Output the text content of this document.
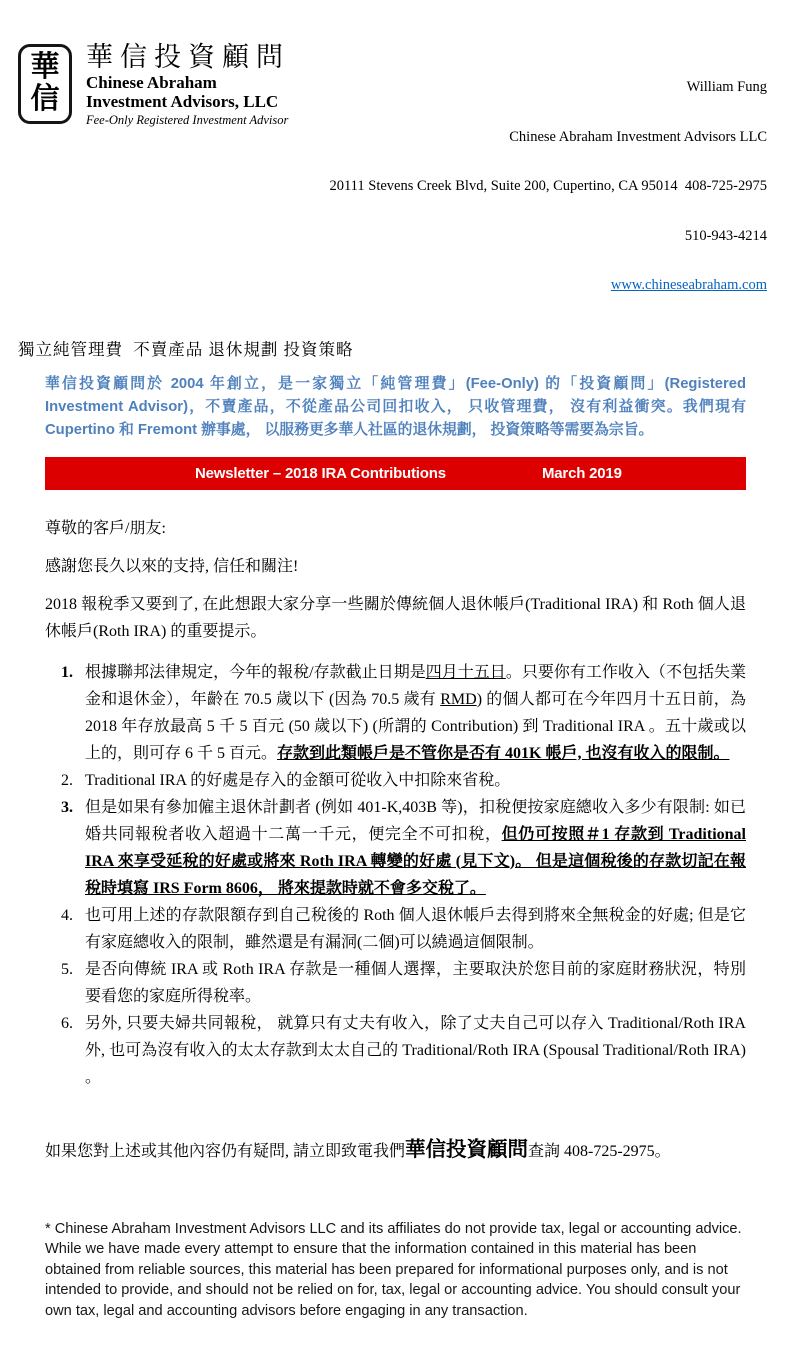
華
信
華信投資顧問
Chinese Abraham
Investment Advisors, LLC
Fee-Only Registered Investment Advisor

William Fung

Chinese Abraham Investment Advisors LLC

20111 Stevens Creek Blvd, Suite 200, Cupertino, CA 95014  408-725-2975

510-943-4214

www.chineseabraham.com

獨立純管理費  不賣產品 退休規劃 投資策略
華信投資顧問於 2004 年創立，是一家獨立「純管理費」(Fee-Only) 的「投資顧問」(Registered Investment Advisor)，不賣產品，不從產品公司回扣收入， 只收管理費， 沒有利益衝突。我們現有 Cupertino 和 Fremont 辦事處， 以服務更多華人社區的退休規劃， 投資策略等需要為宗旨。
Newsletter – 2018 IRA Contributions	March 2019
尊敬的客戶/朋友:
感謝您長久以來的支持, 信任和關注!
2018 報稅季又要到了, 在此想跟大家分享一些關於傳統個人退休帳戶(Traditional IRA) 和 Roth 個人退休帳戶(Roth IRA) 的重要提示。
1. 根據聯邦法律規定，今年的報稅/存款截止日期是四月十五日。只要你有工作收入（不包括失業金和退休金），年齡在 70.5 歲以下 (因為 70.5 歲有 RMD) 的個人都可在今年四月十五日前，為 2018 年存放最高 5 千 5 百元 (50 歲以下) (所謂的 Contribution) 到 Traditional IRA 。五十歲或以上的，則可存 6 千 5 百元。存款到此類帳戶是不管你是否有 401K 帳戶, 也沒有收入的限制。
2. Traditional IRA 的好處是存入的金額可從收入中扣除來省稅。
3. 但是如果有參加僱主退休計劃者 (例如 401-K,403B 等)，扣稅便按家庭總收入多少有限制: 如已婚共同報稅者收入超過十二萬一千元，便完全不可扣稅，但仍可按照＃1 存款到 Traditional IRA 來享受延稅的好處或將來 Roth IRA 轉變的好處 (見下文)。 但是這個稅後的存款切記在報稅時填寫 IRS Form 8606， 將來提款時就不會多交稅了。
4. 也可用上述的存款限額存到自己稅後的 Roth 個人退休帳戶去得到將來全無稅金的好處; 但是它有家庭總收入的限制，雖然還是有漏洞(二個)可以繞過這個限制。
5. 是否向傳統 IRA 或 Roth IRA 存款是一種個人選擇，主要取決於您目前的家庭財務狀況，特別要看您的家庭所得稅率。
6. 另外, 只要夫婦共同報稅， 就算只有丈夫有收入，除了丈夫自己可以存入 Traditional/Roth IRA 外, 也可為沒有收入的太太存款到太太自己的 Traditional/Roth IRA (Spousal Traditional/Roth IRA) 。
如果您對上述或其他內容仍有疑問, 請立即致電我們華信投資顧問查詢 408-725-2975。
* Chinese Abraham Investment Advisors LLC and its affiliates do not provide tax, legal or accounting advice. While we have made every attempt to ensure that the information contained in this material has been obtained from reliable sources, this material has been prepared for informational purposes only, and is not intended to provide, and should not be relied on for, tax, legal or accounting advice. You should consult your own tax, legal and accounting advisors before engaging in any transaction.
